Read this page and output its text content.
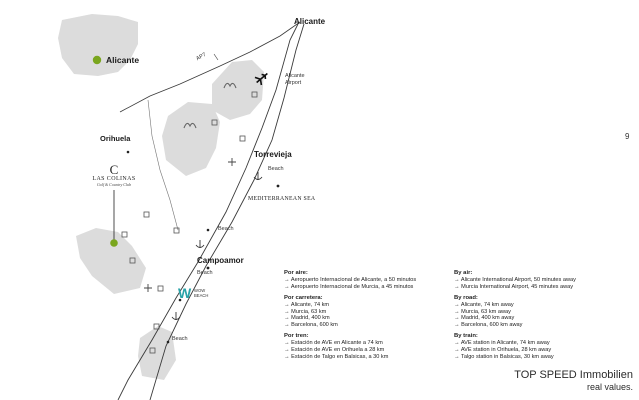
Alicante
Alicante
AP7
Alicante
Airport
Orihuela
Torrevieja
Beach
MEDITERRANEAN SEA
Beach
Campoamor
Beach
Beach
9
C
LAS COLINAS
Golf & Country Club
W WOW
BEACH
Por aire:
→ Aeropuerto Internacional de Alicante, a 50 minutos
→ Aeropuerto Internacional de Murcia, a 45 minutos
Por carretera:
→ Alicante, 74 km
→ Murcia, 63 km
→ Madrid, 400 km
→ Barcelona, 600 km
Por tren:
→ Estación de AVE en Alicante a 74 km
→ Estación de AVE en Orihuela a 28 km
→ Estación de Talgo en Balsicas, a 30 km
By air:
→ Alicante International Airport, 50 minutes away
→ Murcia International Airport, 45 minutes away
By road:
→ Alicante, 74 km away
→ Murcia, 63 km away
→ Madrid, 400 km away
→ Barcelona, 600 km away
By train:
→ AVE station in Alicante, 74 km away
→ AVE station in Orihuela, 28 km away
→ Talgo station in Balsicas, 30 km away
TOP SPEED Immobilien
real values.
